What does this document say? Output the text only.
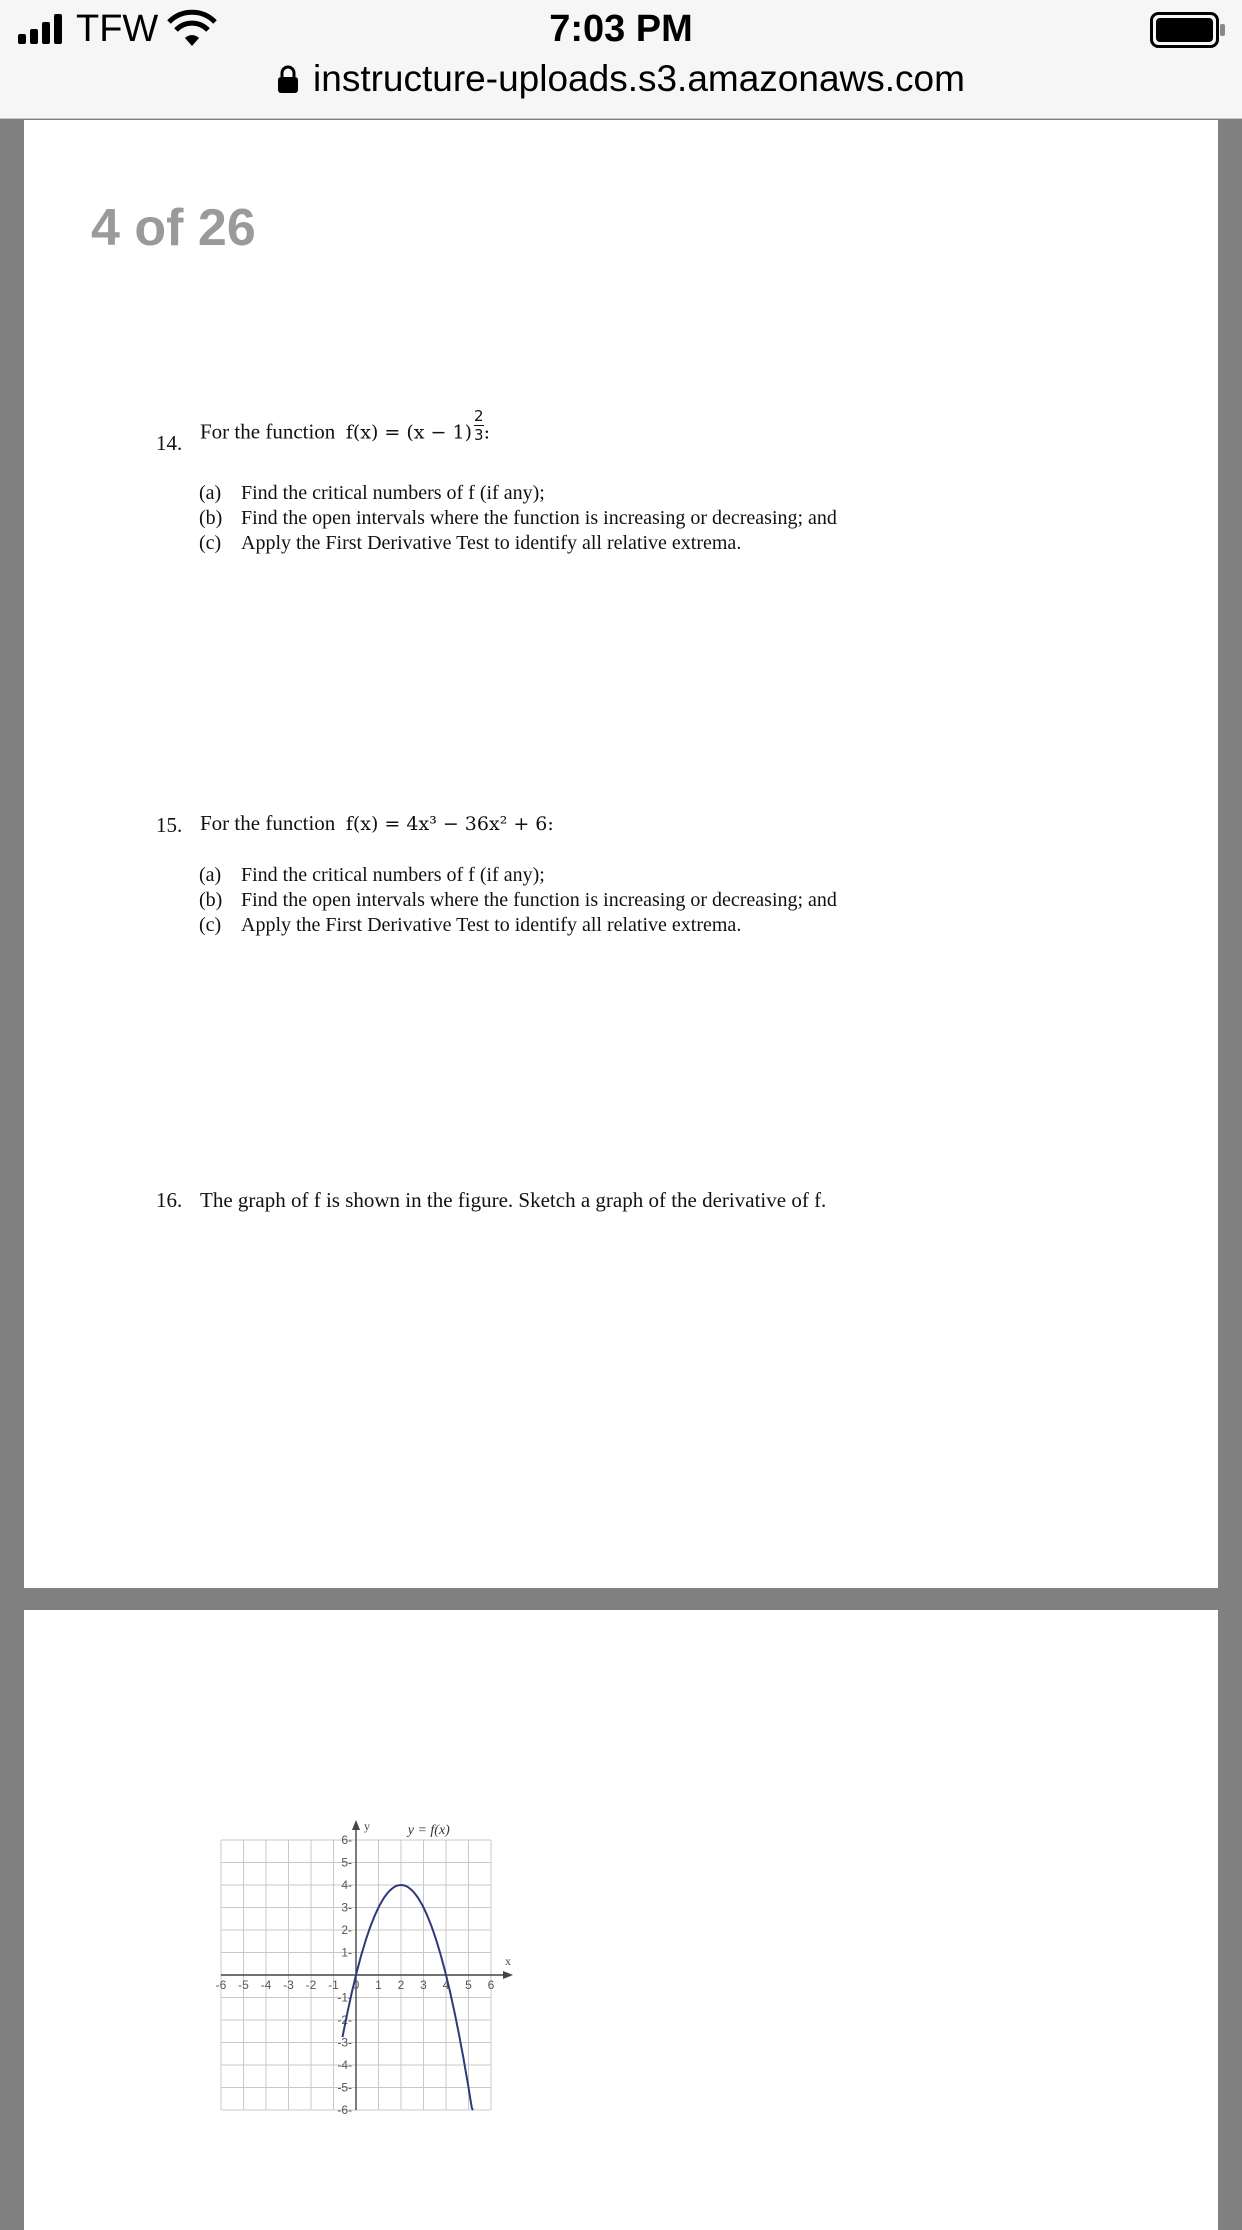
TFW	7:03 PM
instructure-uploads.s3.amazonaws.com
4 of 26
14. For the function $f(x) = (x - 1) \frac{2}{3}$ :
(a) Find the critical numbers of f (if any);
(b) Find the open intervals where the function is increasing or decreasing; and
(c) Apply the First Derivative Test to identify all relative extrema.
15. For the function f(x) = 4x³ − 36x² + 6:
(a) Find the critical numbers of f (if any);
(b) Find the open intervals where the function is increasing or decreasing; and
(c) Apply the First Derivative Test to identify all relative extrema.
16. The graph of f is shown in the figure. Sketch a graph of the derivative of f.
-6 -5 -4 -3 -2 -1 0 1 2 3 4 5 6
6-
5-
4-
3-
2-
1-
-1-
-2-
-3-
-4-
-5-
-6-
x
y	y = f(x)
